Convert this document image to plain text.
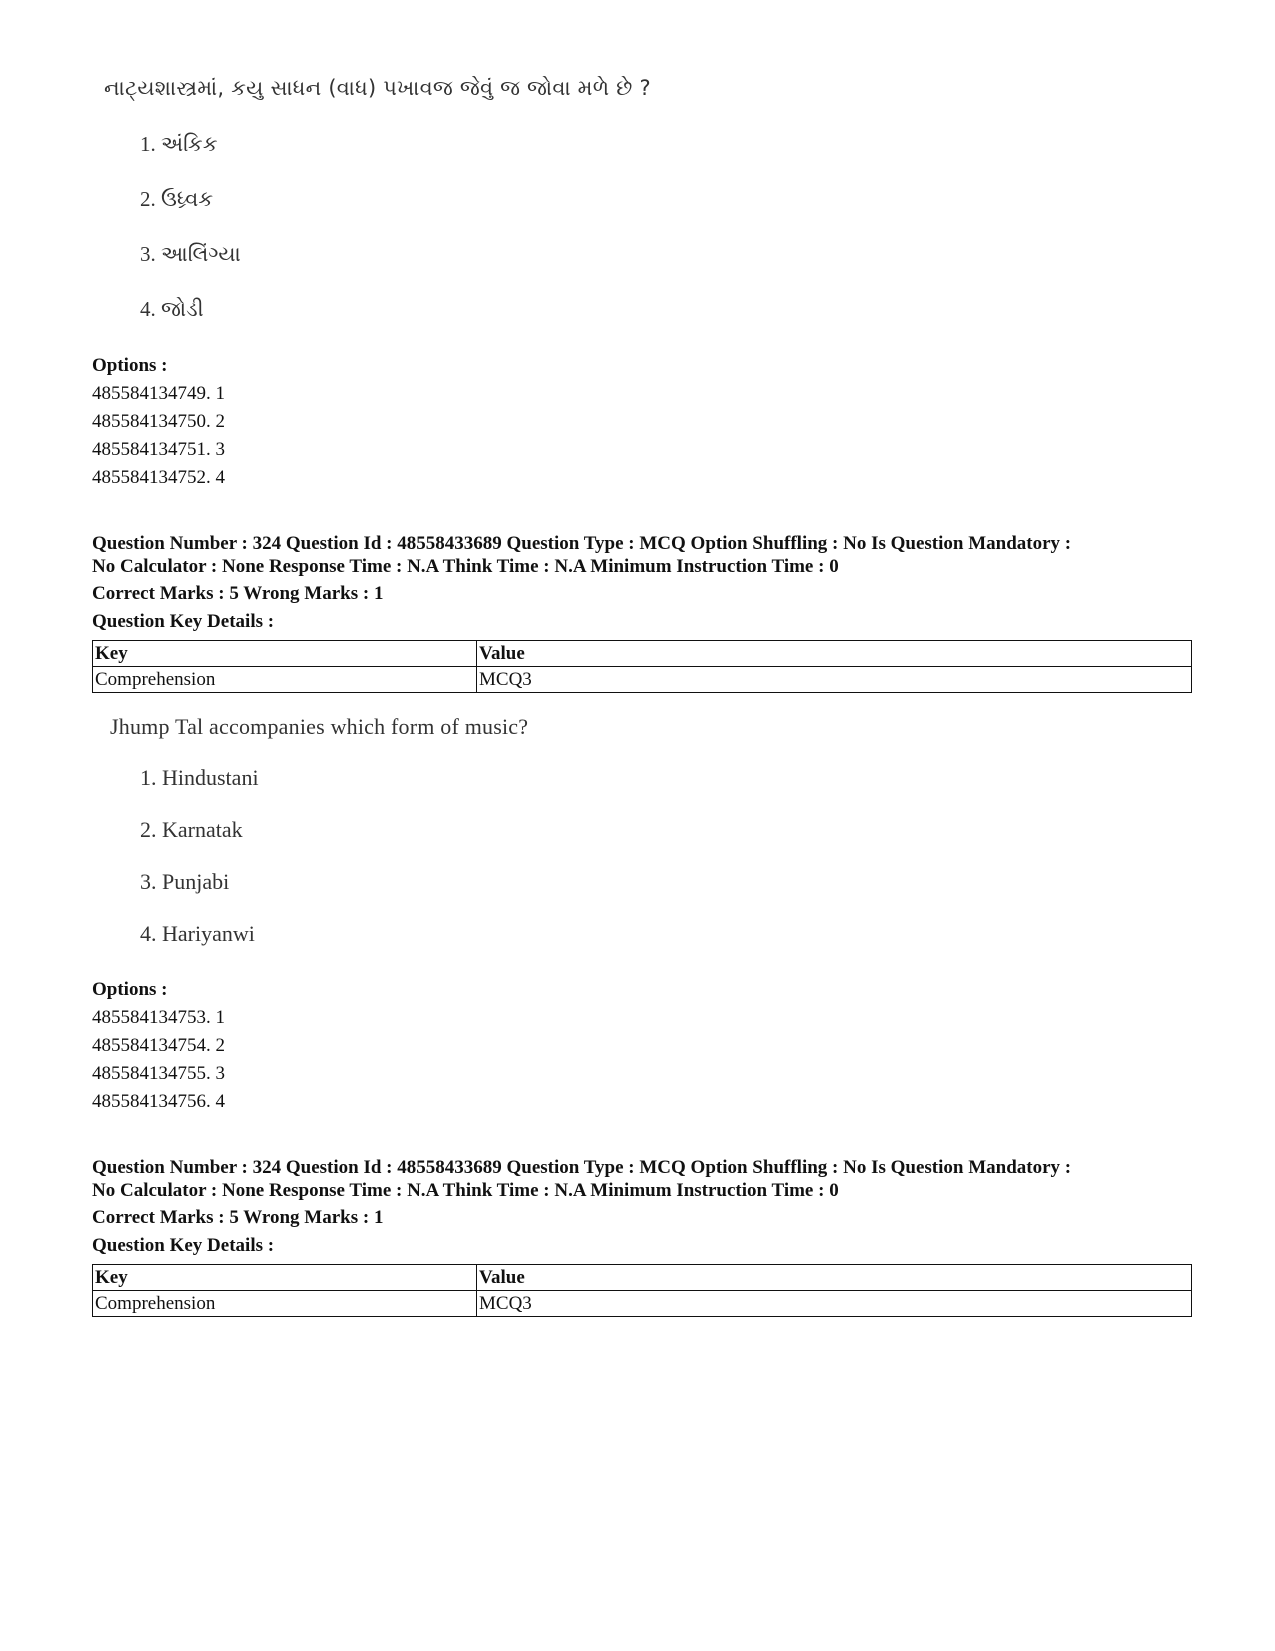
નાટ્યશાસ્ત્રમાં, કયુ સાધન (વાધ) પખાવજ જેવું જ જોવા મળે છે ?
1. અંકિક
2. ઉધ્ર્વક
3. આલિંગ્યા
4. જોડી
Options :
485584134749. 1
485584134750. 2
485584134751. 3
485584134752. 4
Question Number : 324 Question Id : 48558433689 Question Type : MCQ Option Shuffling : No Is Question Mandatory :
No Calculator : None Response Time : N.A Think Time : N.A Minimum Instruction Time : 0
Correct Marks : 5 Wrong Marks : 1
Question Key Details :
Key	Value
Comprehension	MCQ3
Jhump Tal accompanies which form of music?
1. Hindustani
2. Karnatak
3. Punjabi
4. Hariyanwi
Options :
485584134753. 1
485584134754. 2
485584134755. 3
485584134756. 4
Question Number : 324 Question Id : 48558433689 Question Type : MCQ Option Shuffling : No Is Question Mandatory :
No Calculator : None Response Time : N.A Think Time : N.A Minimum Instruction Time : 0
Correct Marks : 5 Wrong Marks : 1
Question Key Details :
Key	Value
Comprehension	MCQ3
